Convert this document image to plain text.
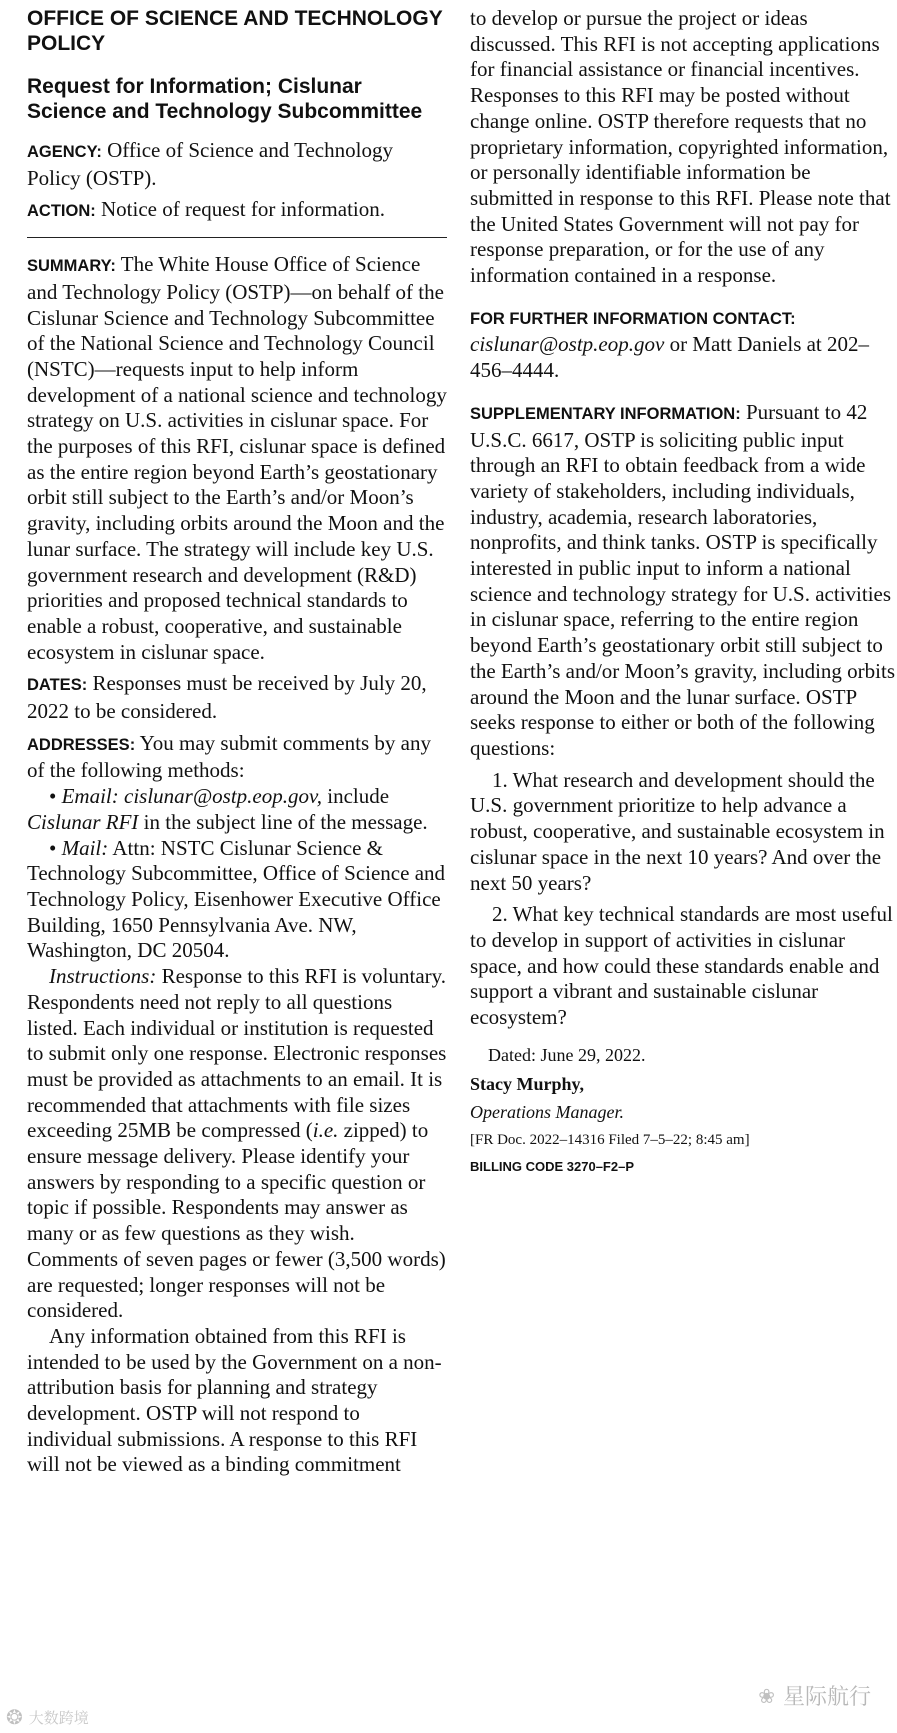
OFFICE OF SCIENCE AND TECHNOLOGY POLICY
Request for Information; Cislunar Science and Technology Subcommittee

AGENCY: Office of Science and Technology Policy (OSTP).

ACTION: Notice of request for information.

SUMMARY: The White House Office of Science and Technology Policy (OSTP)—on behalf of the Cislunar Science and Technology Subcommittee of the National Science and Technology Council (NSTC)—requests input to help inform development of a national science and technology strategy on U.S. activities in cislunar space. For the purposes of this RFI, cislunar space is defined as the entire region beyond Earth’s geostationary orbit still subject to the Earth’s and/or Moon’s gravity, including orbits around the Moon and the lunar surface. The strategy will include key U.S. government research and development (R&D) priorities and proposed technical standards to enable a robust, cooperative, and sustainable ecosystem in cislunar space.

DATES: Responses must be received by July 20, 2022 to be considered.

ADDRESSES: You may submit comments by any of the following methods:

• Email: cislunar@ostp.eop.gov, include Cislunar RFI in the subject line of the message.

• Mail: Attn: NSTC Cislunar Science & Technology Subcommittee, Office of Science and Technology Policy, Eisenhower Executive Office Building, 1650 Pennsylvania Ave. NW, Washington, DC 20504.

Instructions: Response to this RFI is voluntary. Respondents need not reply to all questions listed. Each individual or institution is requested to submit only one response. Electronic responses must be provided as attachments to an email. It is recommended that attachments with file sizes exceeding 25MB be compressed (i.e. zipped) to ensure message delivery. Please identify your answers by responding to a specific question or topic if possible. Respondents may answer as many or as few questions as they wish. Comments of seven pages or fewer (3,500 words) are requested; longer responses will not be considered.

Any information obtained from this RFI is intended to be used by the Government on a non-attribution basis for planning and strategy development. OSTP will not respond to individual submissions. A response to this RFI will not be viewed as a binding commitment

to develop or pursue the project or ideas discussed. This RFI is not accepting applications for financial assistance or financial incentives. Responses to this RFI may be posted without change online. OSTP therefore requests that no proprietary information, copyrighted information, or personally identifiable information be submitted in response to this RFI. Please note that the United States Government will not pay for response preparation, or for the use of any information contained in a response.

FOR FURTHER INFORMATION CONTACT: cislunar@ostp.eop.gov or Matt Daniels at 202–456–4444.

SUPPLEMENTARY INFORMATION: Pursuant to 42 U.S.C. 6617, OSTP is soliciting public input through an RFI to obtain feedback from a wide variety of stakeholders, including individuals, industry, academia, research laboratories, nonprofits, and think tanks. OSTP is specifically interested in public input to inform a national science and technology strategy for U.S. activities in cislunar space, referring to the entire region beyond Earth’s geostationary orbit still subject to the Earth’s and/or Moon’s gravity, including orbits around the Moon and the lunar surface. OSTP seeks response to either or both of the following questions:

1. What research and development should the U.S. government prioritize to help advance a robust, cooperative, and sustainable ecosystem in cislunar space in the next 10 years? And over the next 50 years?

2. What key technical standards are most useful to develop in support of activities in cislunar space, and how could these standards enable and support a vibrant and sustainable cislunar ecosystem?

Dated: June 29, 2022.
Stacy Murphy,
Operations Manager.
[FR Doc. 2022–14316 Filed 7–5–22; 8:45 am]
BILLING CODE 3270–F2–P
❀ 星际航行
❂ 大数跨境
